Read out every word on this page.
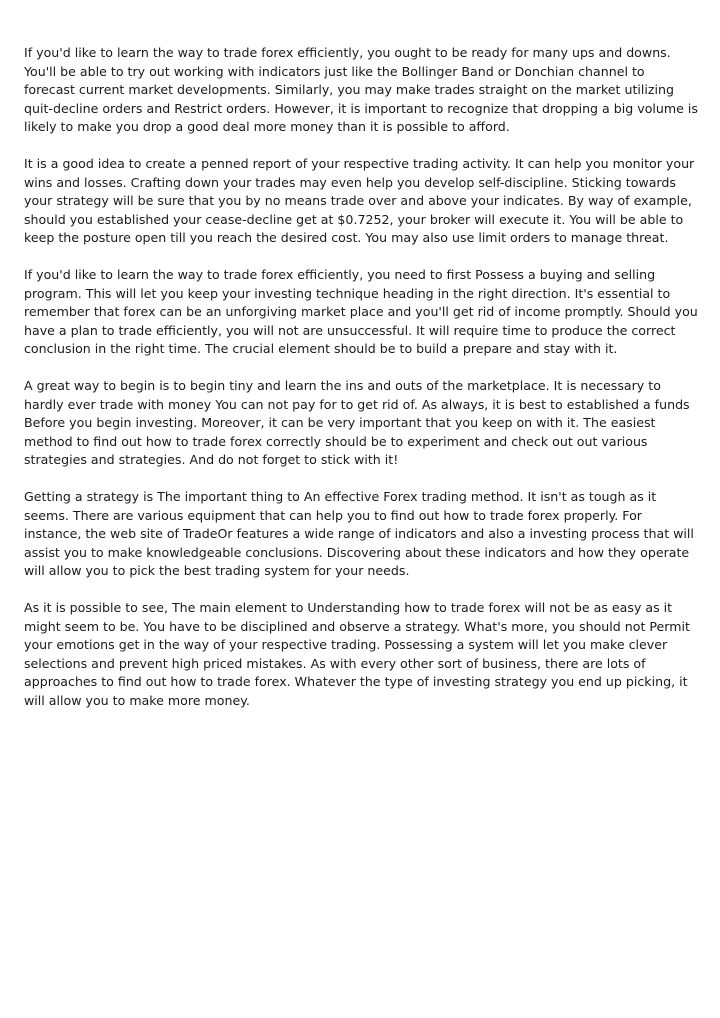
If you'd like to learn the way to trade forex efficiently, you ought to be ready for many ups and downs. You'll be able to try out working with indicators just like the Bollinger Band or Donchian channel to forecast current market developments. Similarly, you may make trades straight on the market utilizing quit-decline orders and Restrict orders. However, it is important to recognize that dropping a big volume is likely to make you drop a good deal more money than it is possible to afford.

It is a good idea to create a penned report of your respective trading activity. It can help you monitor your wins and losses. Crafting down your trades may even help you develop self-discipline. Sticking towards your strategy will be sure that you by no means trade over and above your indicates. By way of example, should you established your cease-decline get at $0.7252, your broker will execute it. You will be able to keep the posture open till you reach the desired cost. You may also use limit orders to manage threat.

If you'd like to learn the way to trade forex efficiently, you need to first Possess a buying and selling program. This will let you keep your investing technique heading in the right direction. It's essential to remember that forex can be an unforgiving market place and you'll get rid of income promptly. Should you have a plan to trade efficiently, you will not are unsuccessful. It will require time to produce the correct conclusion in the right time. The crucial element should be to build a prepare and stay with it.

A great way to begin is to begin tiny and learn the ins and outs of the marketplace. It is necessary to hardly ever trade with money You can not pay for to get rid of. As always, it is best to established a funds Before you begin investing. Moreover, it can be very important that you keep on with it. The easiest method to find out how to trade forex correctly should be to experiment and check out out various strategies and strategies. And do not forget to stick with it!

Getting a strategy is The important thing to An effective Forex trading method. It isn't as tough as it seems. There are various equipment that can help you to find out how to trade forex properly. For instance, the web site of TradeOr features a wide range of indicators and also a investing process that will assist you to make knowledgeable conclusions. Discovering about these indicators and how they operate will allow you to pick the best trading system for your needs.

As it is possible to see, The main element to Understanding how to trade forex will not be as easy as it might seem to be. You have to be disciplined and observe a strategy. What's more, you should not Permit your emotions get in the way of your respective trading. Possessing a system will let you make clever selections and prevent high priced mistakes. As with every other sort of business, there are lots of approaches to find out how to trade forex. Whatever the type of investing strategy you end up picking, it will allow you to make more money.
